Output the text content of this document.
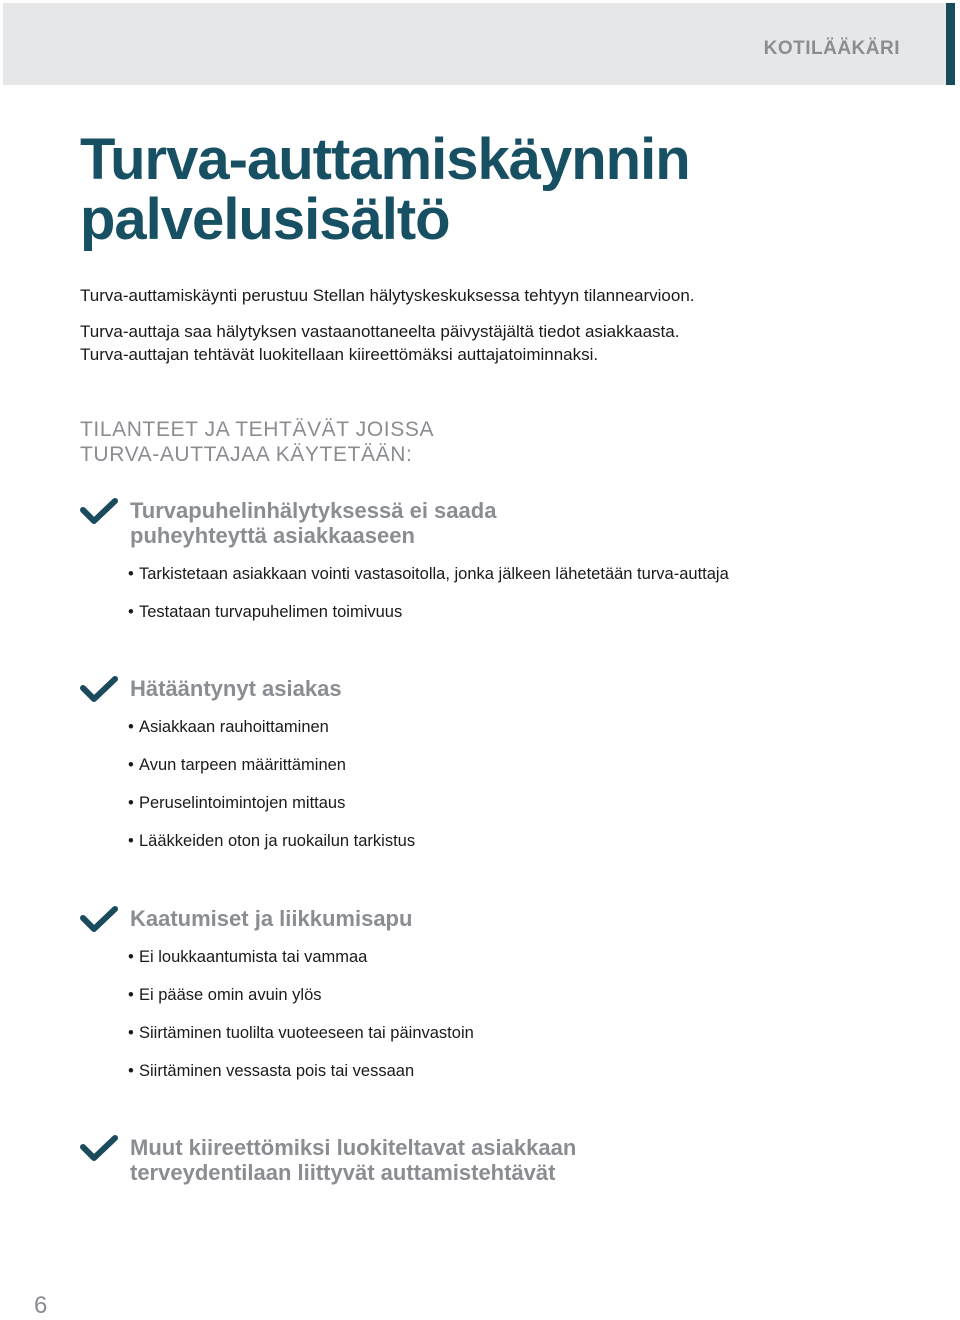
KOTILÄÄKÄRI
Turva-auttamiskäynnin
palvelusisältö

Turva-auttamiskäynti perustuu Stellan hälytyskeskuksessa tehtyyn tilannearvioon.

Turva-auttaja saa hälytyksen vastaanottaneelta päivystäjältä tiedot asiakkaasta.

Turva-auttajan tehtävät luokitellaan kiireettömäksi auttajatoiminnaksi.

TILANTEET JA TEHTÄVÄT JOISSA
TURVA-AUTTAJAA KÄYTETÄÄN:
Turvapuhelinhälytyksessä ei saada
puheyhteyttä asiakkaaseen
• Tarkistetaan asiakkaan vointi vastasoitolla, jonka jälkeen lähetetään turva-auttaja
• Testataan turvapuhelimen toimivuus
Hätääntynyt asiakas
• Asiakkaan rauhoittaminen
• Avun tarpeen määrittäminen
• Peruselintoimintojen mittaus
• Lääkkeiden oton ja ruokailun tarkistus
Kaatumiset ja liikkumisapu
• Ei loukkaantumista tai vammaa
• Ei pääse omin avuin ylös
• Siirtäminen tuolilta vuoteeseen tai päinvastoin
• Siirtäminen vessasta pois tai vessaan
Muut kiireettömiksi luokiteltavat asiakkaan
terveydentilaan liittyvät auttamistehtävät
6
